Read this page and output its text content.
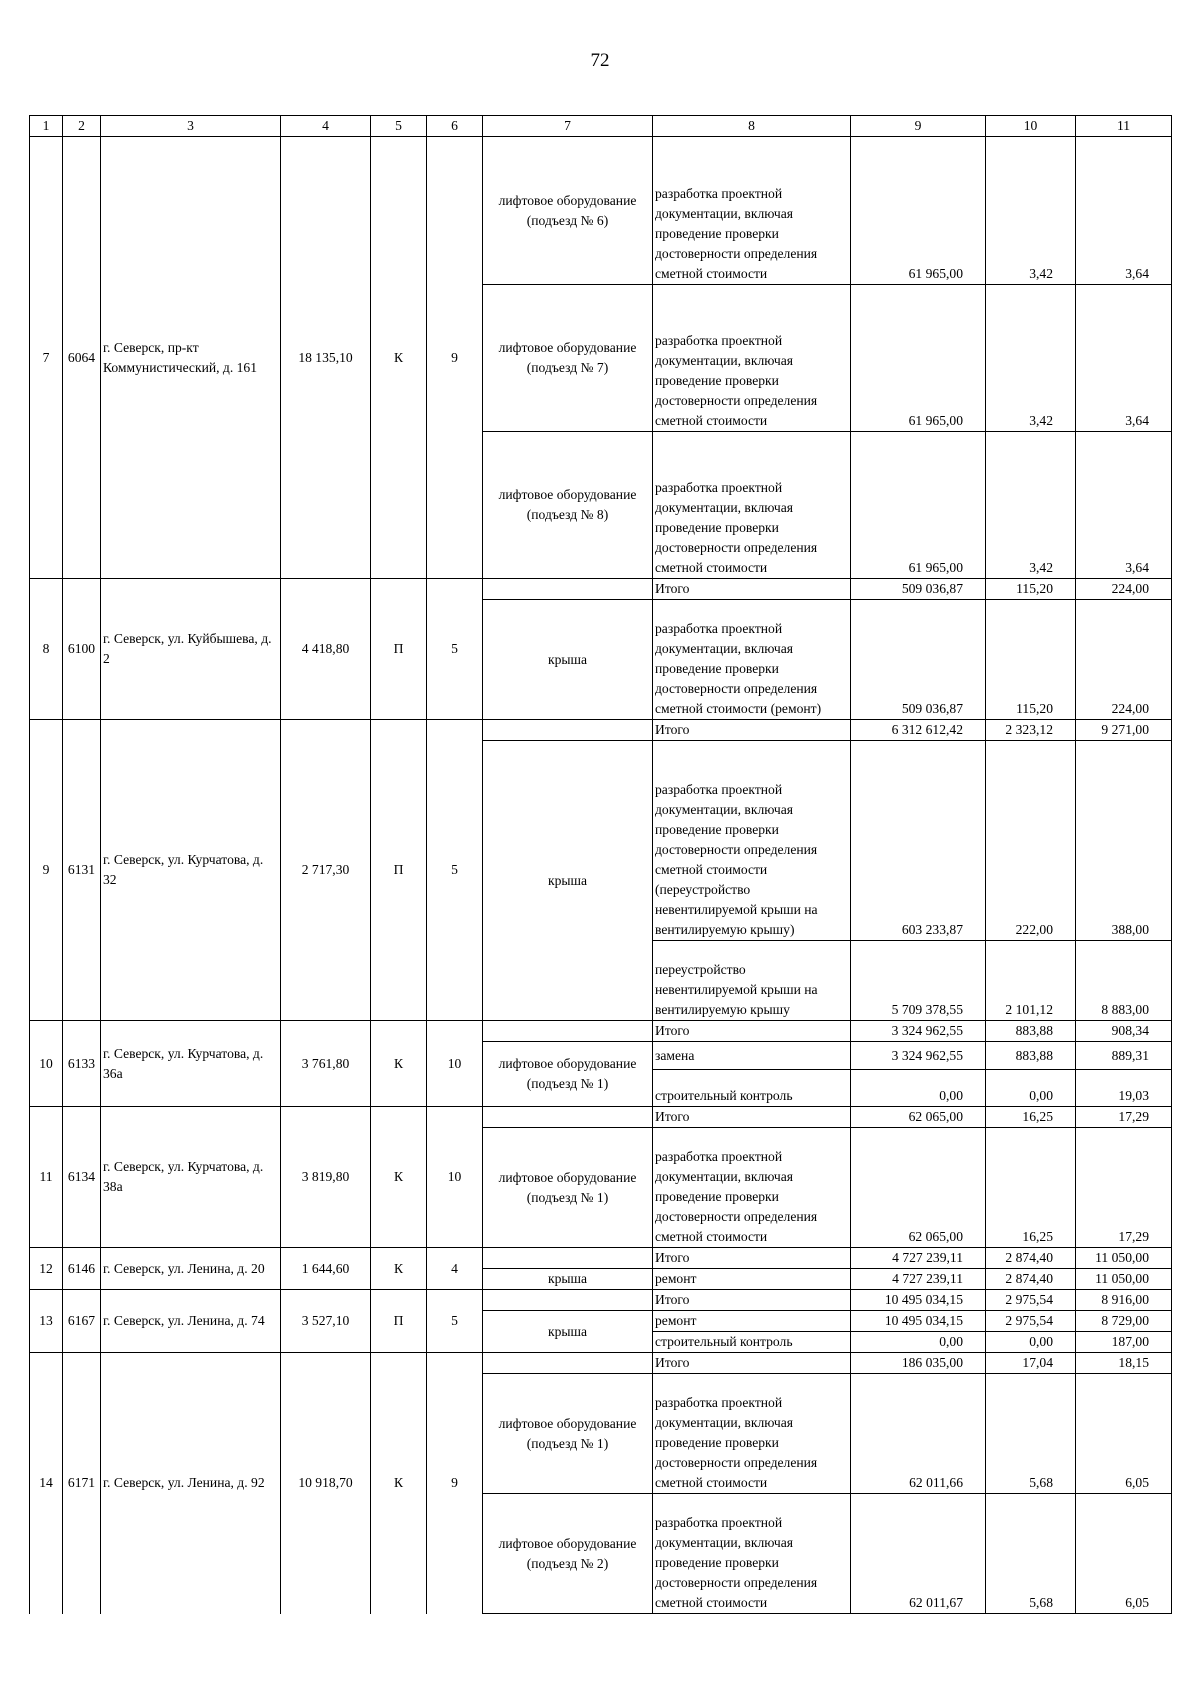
72
1	2	3	4	5	6	7	8	9	10	11
7	6064	г. Северск, пр-кт Коммунистический, д. 161	18 135,10	К	9	лифтовое оборудование (подъезд № 6)	разработка проектной документации, включая проведение проверки достоверности определения сметной стоимости	61 965,00	3,42	3,64
						лифтовое оборудование (подъезд № 7)	разработка проектной документации, включая проведение проверки достоверности определения сметной стоимости	61 965,00	3,42	3,64
						лифтовое оборудование (подъезд № 8)	разработка проектной документации, включая проведение проверки достоверности определения сметной стоимости	61 965,00	3,42	3,64
8	6100	г. Северск, ул. Куйбышева, д. 2	4 418,80	П	5		Итого	509 036,87	115,20	224,00
						крыша	разработка проектной документации, включая проведение проверки достоверности определения сметной стоимости (ремонт)	509 036,87	115,20	224,00
9	6131	г. Северск, ул. Курчатова, д. 32	2 717,30	П	5		Итого	6 312 612,42	2 323,12	9 271,00
						крыша	разработка проектной документации, включая проведение проверки достоверности определения сметной стоимости (переустройство невентилируемой крыши на вентилируемую крышу)	603 233,87	222,00	388,00
							переустройство невентилируемой крыши на вентилируемую крышу	5 709 378,55	2 101,12	8 883,00
10	6133	г. Северск, ул. Курчатова, д. 36а	3 761,80	К	10		Итого	3 324 962,55	883,88	908,34
						лифтовое оборудование (подъезд № 1)	замена	3 324 962,55	883,88	889,31
							строительный контроль	0,00	0,00	19,03
11	6134	г. Северск, ул. Курчатова, д. 38а	3 819,80	К	10		Итого	62 065,00	16,25	17,29
						лифтовое оборудование (подъезд № 1)	разработка проектной документации, включая проведение проверки достоверности определения сметной стоимости	62 065,00	16,25	17,29
12	6146	г. Северск, ул. Ленина, д. 20	1 644,60	К	4		Итого	4 727 239,11	2 874,40	11 050,00
						крыша	ремонт	4 727 239,11	2 874,40	11 050,00
13	6167	г. Северск, ул. Ленина, д. 74	3 527,10	П	5		Итого	10 495 034,15	2 975,54	8 916,00
						крыша	ремонт	10 495 034,15	2 975,54	8 729,00
							строительный контроль	0,00	0,00	187,00
14	6171	г. Северск, ул. Ленина, д. 92	10 918,70	К	9		Итого	186 035,00	17,04	18,15
						лифтовое оборудование (подъезд № 1)	разработка проектной документации, включая проведение проверки достоверности определения сметной стоимости	62 011,66	5,68	6,05
						лифтовое оборудование (подъезд № 2)	разработка проектной документации, включая проведение проверки достоверности определения сметной стоимости	62 011,67	5,68	6,05
